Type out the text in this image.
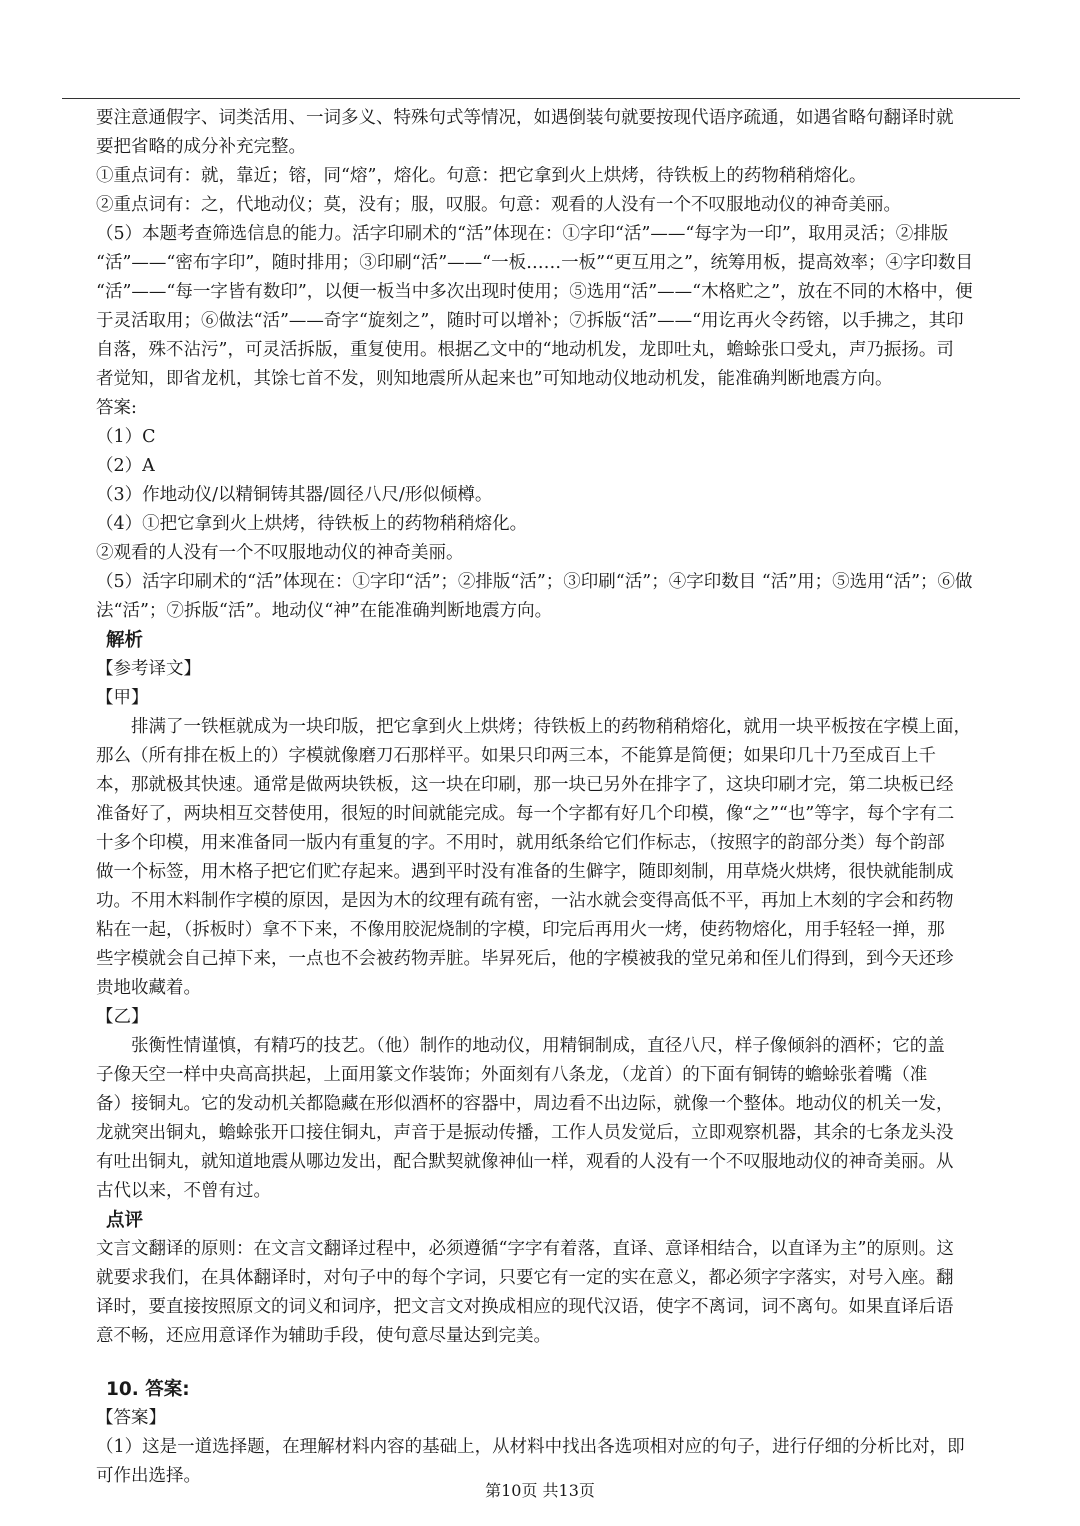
要注意通假字、词类活用、一词多义、特殊句式等情况，如遇倒装句就要按现代语序疏通，如遇省略句翻译时就
要把省略的成分补充完整。
①重点词有：就，靠近；镕，同“熔”，熔化。句意：把它拿到火上烘烤，待铁板上的药物稍稍熔化。
②重点词有：之，代地动仪；莫，没有；服，叹服。句意：观看的人没有一个不叹服地动仪的神奇美丽。
（5）本题考查筛选信息的能力。活字印刷术的“活”体现在：①字印“活”——“每字为一印”，取用灵活；②排版
“活”——“密布字印”，随时排用；③印刷“活”——“一板……一板”“更互用之”，统筹用板，提高效率；④字印数目
“活”——“每一字皆有数印”，以便一板当中多次出现时使用；⑤选用“活”——“木格贮之”，放在不同的木格中，便
于灵活取用；⑥做法“活”——奇字“旋刻之”，随时可以增补；⑦拆版“活”——“用讫再火令药镕，以手拂之，其印
自落，殊不沾污”，可灵活拆版，重复使用。根据乙文中的“地动机发，龙即吐丸，蟾蜍张口受丸，声乃振扬。司
者觉知，即省龙机，其馀七首不发，则知地震所从起来也”可知地动仪地动机发，能准确判断地震方向。
答案:
（1）C
（2）A
（3）作地动仪/以精铜铸其器/圆径八尺/形似倾樽。
（4）①把它拿到火上烘烤，待铁板上的药物稍稍熔化。
②观看的人没有一个不叹服地动仪的神奇美丽。
（5）活字印刷术的“活”体现在：①字印“活”；②排版“活”；③印刷“活”；④字印数目 “活”用；⑤选用“活”；⑥做
法“活”；⑦拆版“活”。地动仪“神”在能准确判断地震方向。
解析
【参考译文】
【甲】
排满了一铁框就成为一块印版，把它拿到火上烘烤；待铁板上的药物稍稍熔化，就用一块平板按在字模上面，
那么（所有排在板上的）字模就像磨刀石那样平。如果只印两三本，不能算是简便；如果印几十乃至成百上千
本，那就极其快速。通常是做两块铁板，这一块在印刷，那一块已另外在排字了，这块印刷才完，第二块板已经
准备好了，两块相互交替使用，很短的时间就能完成。每一个字都有好几个印模，像“之”“也”等字，每个字有二
十多个印模，用来准备同一版内有重复的字。不用时，就用纸条给它们作标志，（按照字的韵部分类）每个韵部
做一个标签，用木格子把它们贮存起来。遇到平时没有准备的生僻字，随即刻制，用草烧火烘烤，很快就能制成
功。不用木料制作字模的原因，是因为木的纹理有疏有密，一沾水就会变得高低不平，再加上木刻的字会和药物
粘在一起，（拆板时）拿不下来，不像用胶泥烧制的字模，印完后再用火一烤，使药物熔化，用手轻轻一掸，那
些字模就会自己掉下来，一点也不会被药物弄脏。毕昇死后，他的字模被我的堂兄弟和侄儿们得到，到今天还珍
贵地收藏着。
【乙】
张衡性情谨慎，有精巧的技艺。（他）制作的地动仪，用精铜制成，直径八尺，样子像倾斜的酒杯；它的盖
子像天空一样中央高高拱起，上面用篆文作装饰；外面刻有八条龙，（龙首）的下面有铜铸的蟾蜍张着嘴（准
备）接铜丸。它的发动机关都隐藏在形似酒杯的容器中，周边看不出边际，就像一个整体。地动仪的机关一发，
龙就突出铜丸，蟾蜍张开口接住铜丸，声音于是振动传播，工作人员发觉后，立即观察机器，其余的七条龙头没
有吐出铜丸，就知道地震从哪边发出，配合默契就像神仙一样，观看的人没有一个不叹服地动仪的神奇美丽。从
古代以来，不曾有过。
点评
文言文翻译的原则：在文言文翻译过程中，必须遵循“字字有着落，直译、意译相结合，以直译为主”的原则。这
就要求我们，在具体翻译时，对句子中的每个字词，只要它有一定的实在意义，都必须字字落实，对号入座。翻
译时，要直接按照原文的词义和词序，把文言文对换成相应的现代汉语，使字不离词，词不离句。如果直译后语
意不畅，还应用意译作为辅助手段，使句意尽量达到完美。
10. 答案:
【答案】
（1）这是一道选择题，在理解材料内容的基础上，从材料中找出各选项相对应的句子，进行仔细的分析比对，即
可作出选择。
第10页 共13页
